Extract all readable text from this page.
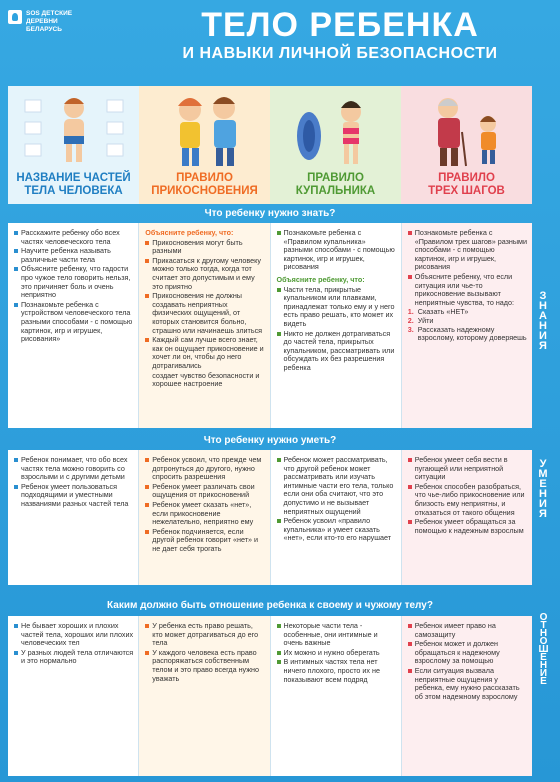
SOS ДЕТСКИЕ
ДЕРЕВНИ
БЕЛАРУСЬ	ТЕЛО РЕБЕНКА
И НАВЫКИ ЛИЧНОЙ БЕЗОПАСНОСТИ
НАЗВАНИЕ ЧАСТЕЙ
ТЕЛА ЧЕЛОВЕКА
ПРАВИЛО
ПРИКОСНОВЕНИЯ
ПРАВИЛО
КУПАЛЬНИКА
ПРАВИЛО
ТРЕХ ШАГОВ
Что ребенку нужно знать?
Расскажите ребенку обо всех частях человеческого тела
Научите ребенка называть различные части тела
Объясните ребенку, что гадости про чужое тело говорить нельзя, это причиняет боль и очень неприятно
Познакомьте ребенка с устройством человеческого тела разными способами - с помощью картинок, игр и игрушек, рисования»
Объясните ребенку, что:
Прикосновения могут быть разными
Прикасаться к другому человеку можно только тогда, когда тот считает это допустимым и ему это приятно
Прикосновения не должны создавать неприятных физических ощущений, от которых становится больно, страшно или начинаешь злиться
Каждый сам лучше всего знает, как он ощущает прикосновение и хочет ли он, чтобы до него дотрагивались
создает чувство безопасности и хорошее настроение
Познакомьте ребенка с «Правилом купальника» разными способами - с помощью картинок, игр и игрушек, рисования
Объясните ребенку, что:
Части тела, прикрытые купальником или плавками, принадлежат только ему и у него есть право решать, кто может их видеть
Никто не должен дотрагиваться до частей тела, прикрытых купальником, рассматривать или обсуждать их без разрешения ребенка
Познакомьте ребенка с «Правилом трех шагов» разными способами - с помощью картинок, игр и игрушек, рисования
Объясните ребенку, что если ситуация или чье-то прикосновение вызывают неприятные чувства, то надо:
1. Сказать «НЕТ»
2. Уйти
3. Рассказать надежному взрослому, которому доверяешь ЗНАНИЯ
Что ребенку нужно уметь?
Ребенок понимает, что обо всех частях тела можно говорить со взрослыми и с другими детьми
Ребенок умеет пользоваться подходящими и уместными названиями разных частей тела
Ребенок усвоил, что прежде чем дотронуться до другого, нужно спросить разрешения
Ребенок умеет различать свои ощущения от прикосновений
Ребенок умеет сказать «нет», если прикосновение нежелательно, неприятно ему
Ребенок подчиняется, если другой ребенок говорит «нет» и не дает себя трогать
Ребенок может рассматривать, что другой ребенок может рассматривать или изучать интимные части его тела, только если они оба считают, что это допустимо и не вызывает неприятных ощущений
Ребенок усвоил «правило купальника» и умеет сказать «нет», если кто-то его нарушает
Ребенок умеет себя вести в пугающей или неприятной ситуации
Ребенок способен разобраться, что чье-либо прикосновение или близость ему неприятны, и отказаться от такого общения
Ребенок умеет обращаться за помощью к надежным взрослым
УМЕНИЯ
Каким должно быть отношение ребенка к своему и чужому телу?
Не бывает хороших и плохих частей тела, хороших или плохих человеческих тел
У разных людей тела отличаются и это нормально
У ребенка есть право решать, кто может дотрагиваться до его тела
У каждого человека есть право распоряжаться собственным телом и это право всегда нужно уважать
Некоторые части тела - особенные, они интимные и очень важные
Их можно и нужно оберегать
В интимных частях тела нет ничего плохого, просто их не показывают всем подряд
Ребенок имеет право на самозащиту
Ребенок может и должен обращаться к надежному взрослому за помощью
Если ситуация вызвала неприятные ощущения у ребенка, ему нужно рассказать об этом надежному взрослому
ОТНОШЕНИЕ
